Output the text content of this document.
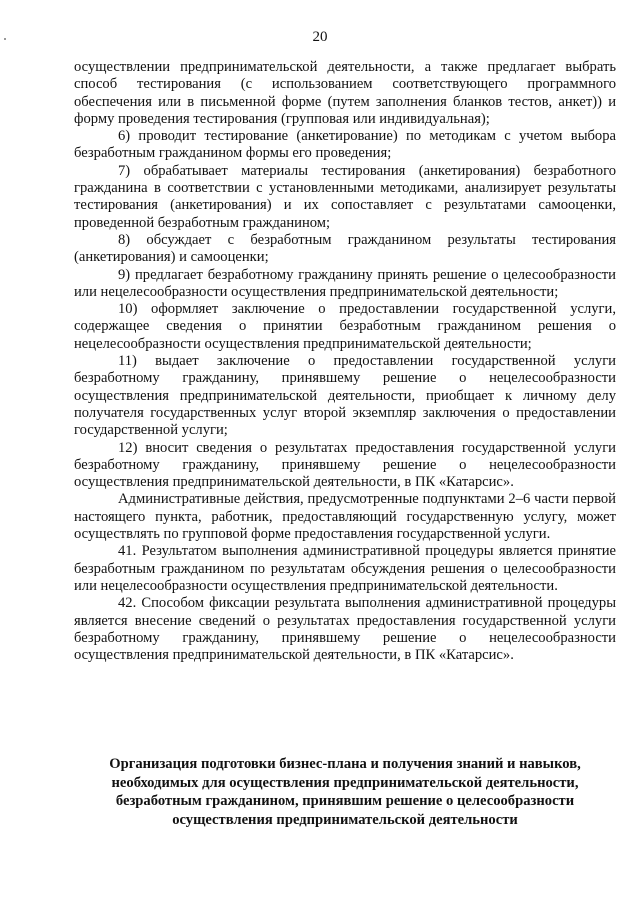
20

осуществлении предпринимательской деятельности, а также предлагает выбрать способ тестирования (с использованием соответствующего программного обеспечения или в письменной форме (путем заполнения бланков тестов, анкет)) и форму проведения тестирования (групповая или индивидуальная);

6) проводит тестирование (анкетирование) по методикам с учетом выбора безработным гражданином формы его проведения;

7) обрабатывает материалы тестирования (анкетирования) безработного гражданина в соответствии с установленными методиками, анализирует результаты тестирования (анкетирования) и их сопоставляет с результатами самооценки, проведенной безработным гражданином;

8) обсуждает с безработным гражданином результаты тестирования (анкетирования) и самооценки;

9) предлагает безработному гражданину принять решение о целесообразности или нецелесообразности осуществления предпринимательской деятельности;

10) оформляет заключение о предоставлении государственной услуги, содержащее сведения о принятии безработным гражданином решения о нецелесообразности осуществления предпринимательской деятельности;

11) выдает заключение о предоставлении государственной услуги безработному гражданину, принявшему решение о нецелесообразности осуществления предпринимательской деятельности, приобщает к личному делу получателя государственных услуг второй экземпляр заключения о предоставлении государственной услуги;

12) вносит сведения о результатах предоставления государственной услуги безработному гражданину, принявшему решение о нецелесообразности осуществления предпринимательской деятельности, в ПК «Катарсис».

Административные действия, предусмотренные подпунктами 2–6 части первой настоящего пункта, работник, предоставляющий государственную услугу, может осуществлять по групповой форме предоставления государственной услуги.

41. Результатом выполнения административной процедуры является принятие безработным гражданином по результатам обсуждения решения о целесообразности или нецелесообразности осуществления предпринимательской деятельности.

42. Способом фиксации результата выполнения административной процедуры является внесение сведений о результатах предоставления государственной услуги безработному гражданину, принявшему решение о нецелесообразности осуществления предпринимательской деятельности, в ПК «Катарсис».

Организация подготовки бизнес-плана и получения знаний и навыков, необходимых для осуществления предпринимательской деятельности, безработным гражданином, принявшим решение о целесообразности осуществления предпринимательской деятельности
